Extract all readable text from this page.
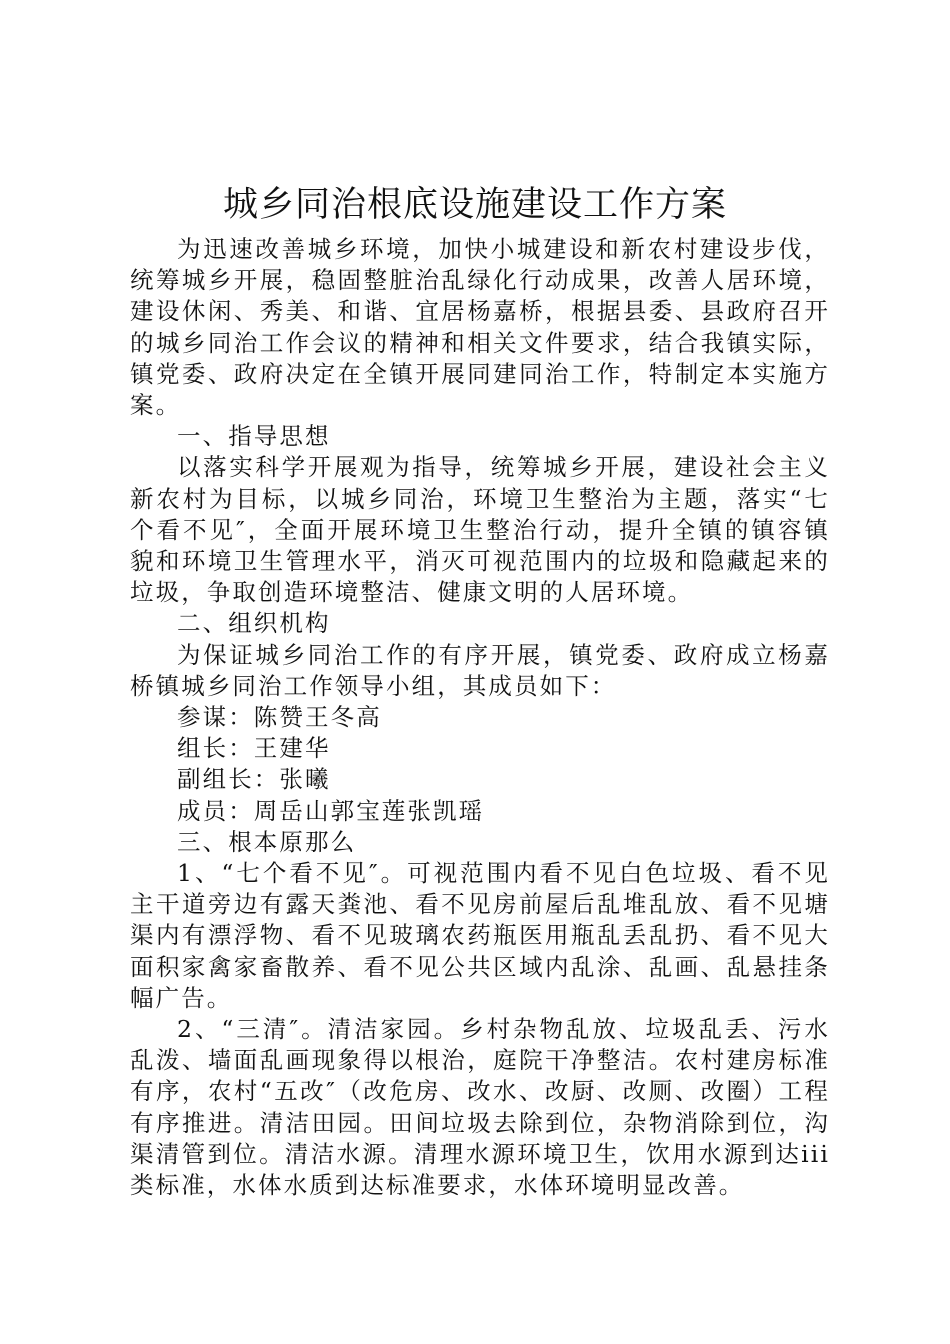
城乡同治根底设施建设工作方案

为迅速改善城乡环境，加快小城建设和新农村建设步伐，统筹城乡开展，稳固整脏治乱绿化行动成果，改善人居环境，建设休闲、秀美、和谐、宜居杨嘉桥，根据县委、县政府召开的城乡同治工作会议的精神和相关文件要求，结合我镇实际，镇党委、政府决定在全镇开展同建同治工作，特制定本实施方案。

一、指导思想

以落实科学开展观为指导，统筹城乡开展，建设社会主义新农村为目标，以城乡同治，环境卫生整治为主题，落实“七个看不见″，全面开展环境卫生整治行动，提升全镇的镇容镇貌和环境卫生管理水平，消灭可视范围内的垃圾和隐藏起来的垃圾，争取创造环境整洁、健康文明的人居环境。

二、组织机构

为保证城乡同治工作的有序开展，镇党委、政府成立杨嘉桥镇城乡同治工作领导小组，其成员如下：

参谋：陈赞王冬高

组长：王建华

副组长：张曦

成员：周岳山郭宝莲张凯瑶

三、根本原那么

1、“七个看不见″。可视范围内看不见白色垃圾、看不见主干道旁边有露天粪池、看不见房前屋后乱堆乱放、看不见塘渠内有漂浮物、看不见玻璃农药瓶医用瓶乱丢乱扔、看不见大面积家禽家畜散养、看不见公共区域内乱涂、乱画、乱悬挂条幅广告。

2、“三清″。清洁家园。乡村杂物乱放、垃圾乱丢、污水乱泼、墙面乱画现象得以根治，庭院干净整洁。农村建房标准有序，农村“五改″（改危房、改水、改厨、改厕、改圈）工程有序推进。清洁田园。田间垃圾去除到位，杂物消除到位，沟渠清管到位。清洁水源。清理水源环境卫生，饮用水源到达iii类标准，水体水质到达标准要求，水体环境明显改善。
